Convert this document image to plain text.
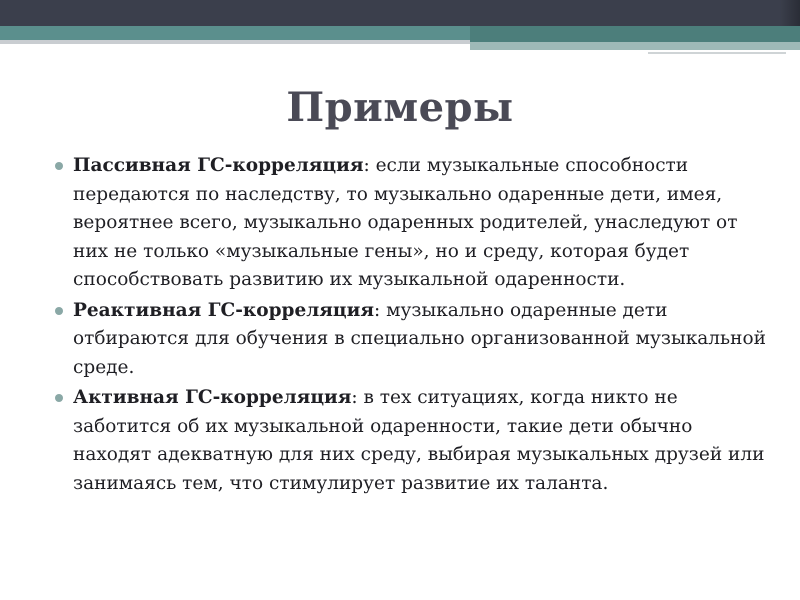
Примеры
Пассивная ГС-корреляция: если музыкальные способности передаются по наследству, то музыкально одаренные дети, имея, вероятнее всего, музыкально одаренных родителей, унаследуют от них не только «музыкальные гены», но и среду, которая будет способствовать развитию их музыкальной одаренности.
Реактивная ГС-корреляция: музыкально одаренные дети отбираются для обучения в специально организованной музыкальной среде.
Активная ГС-корреляция: в тех ситуациях, когда никто не заботится об их музыкальной одаренности, такие дети обычно находят адекватную для них среду, выбирая музыкальных друзей или занимаясь тем, что стимулирует развитие их таланта.
